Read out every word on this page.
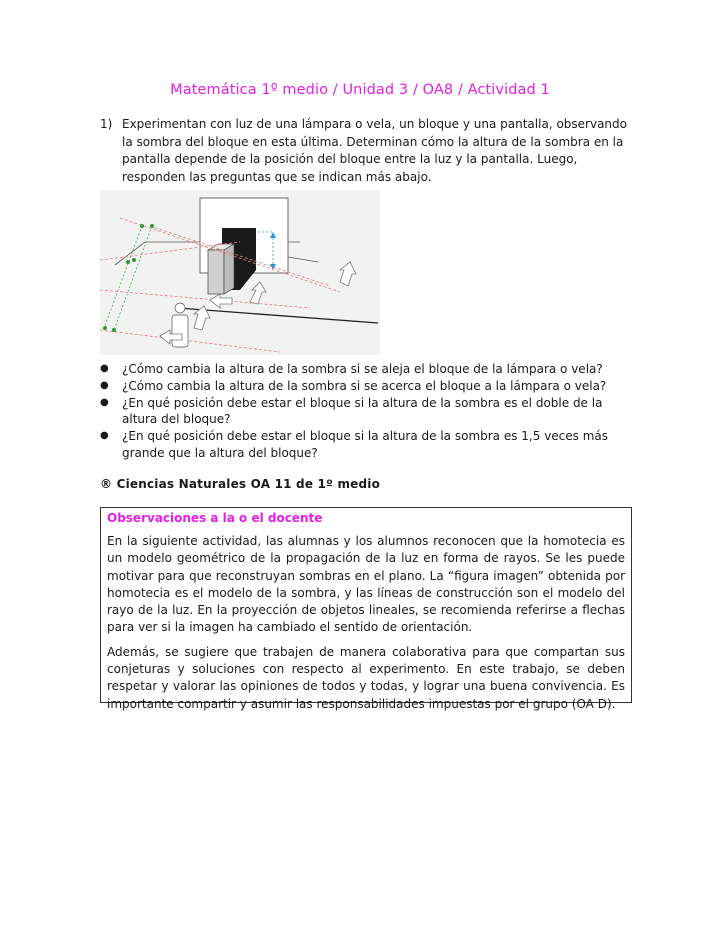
Matemática 1º medio / Unidad 3 / OA8 / Actividad 1
1) Experimentan con luz de una lámpara o vela, un bloque y una pantalla, observando la sombra del bloque en esta última. Determinan cómo la altura de la sombra en la pantalla depende de la posición del bloque entre la luz y la pantalla. Luego, responden las preguntas que se indican más abajo.
● ¿Cómo cambia la altura de la sombra si se aleja el bloque de la lámpara o vela?
● ¿Cómo cambia la altura de la sombra si se acerca el bloque a la lámpara o vela?
● ¿En qué posición debe estar el bloque si la altura de la sombra es el doble de la altura del bloque?
● ¿En qué posición debe estar el bloque si la altura de la sombra es 1,5 veces más grande que la altura del bloque?
® Ciencias Naturales OA 11 de 1º medio
Observaciones a la o el docente

En la siguiente actividad, las alumnas y los alumnos reconocen que la homotecia es un modelo geométrico de la propagación de la luz en forma de rayos. Se les puede motivar para que reconstruyan sombras en el plano. La “figura imagen” obtenida por homotecia es el modelo de la sombra, y las líneas de construcción son el modelo del rayo de la luz. En la proyección de objetos lineales, se recomienda referirse a flechas para ver si la imagen ha cambiado el sentido de orientación.

Además, se sugiere que trabajen de manera colaborativa para que compartan sus conjeturas y soluciones con respecto al experimento. En este trabajo, se deben respetar y valorar las opiniones de todos y todas, y lograr una buena convivencia. Es importante compartir y asumir las responsabilidades impuestas por el grupo (OA D).
